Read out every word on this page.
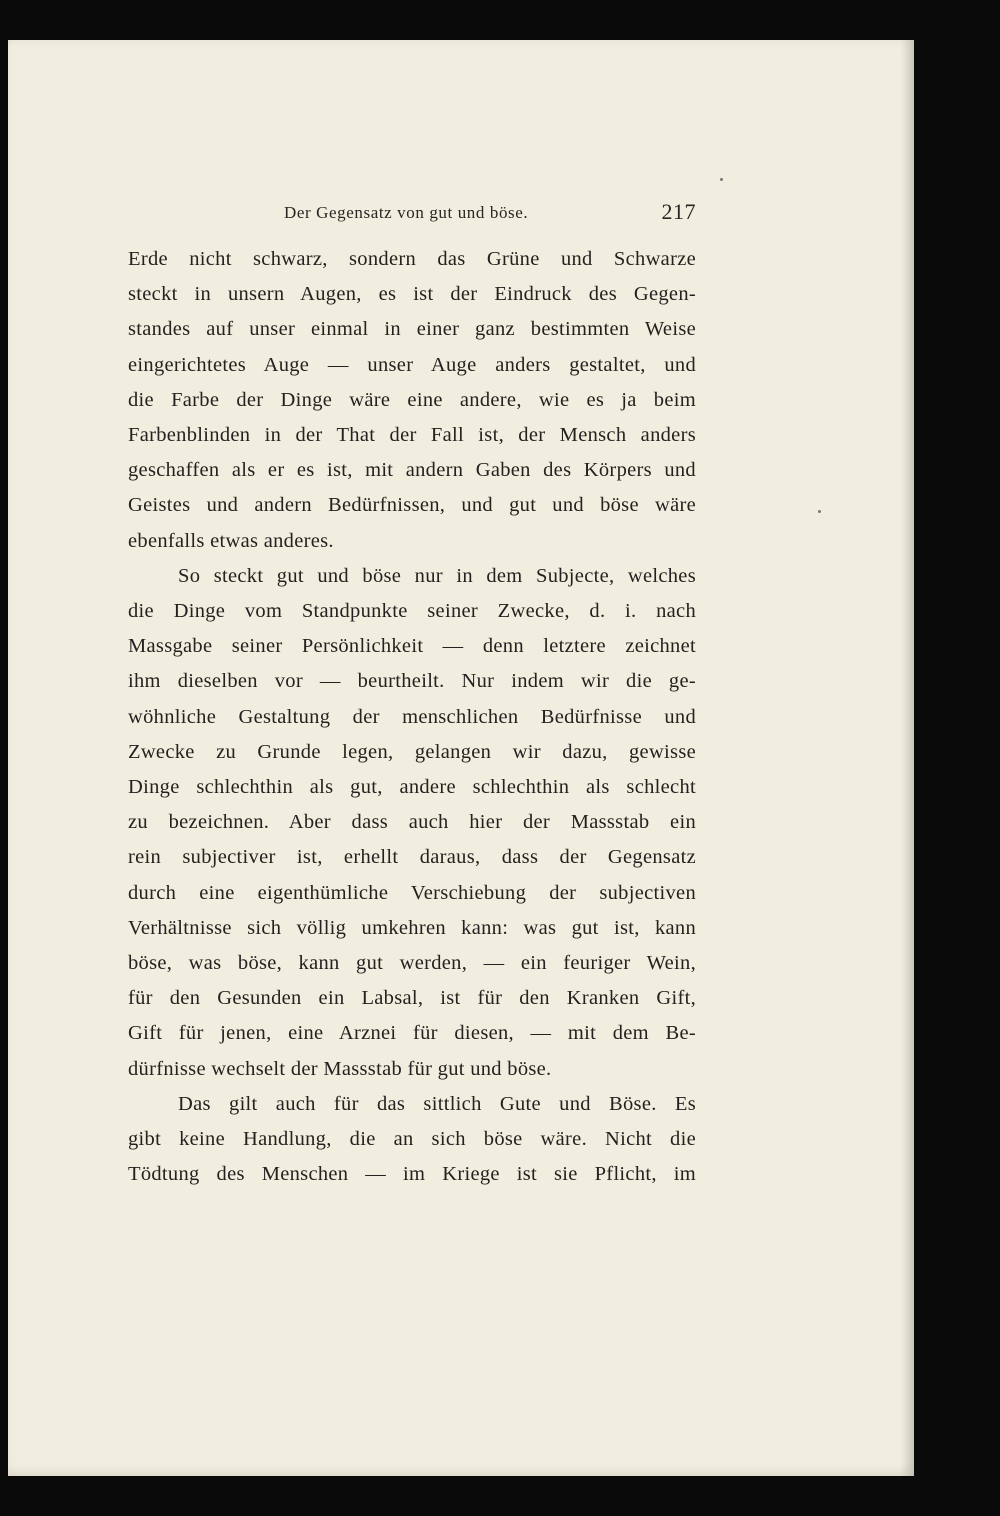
Der Gegensatz von gut und böse.	217

Erde nicht schwarz, sondern das Grüne und Schwarze

steckt in unsern Augen, es ist der Eindruck des Gegen-

standes auf unser einmal in einer ganz bestimmten Weise

eingerichtetes Auge — unser Auge anders gestaltet, und

die Farbe der Dinge wäre eine andere, wie es ja beim

Farbenblinden in der That der Fall ist, der Mensch anders

geschaffen als er es ist, mit andern Gaben des Körpers und

Geistes und andern Bedürfnissen, und gut und böse wäre

ebenfalls etwas anderes.

So steckt gut und böse nur in dem Subjecte, welches

die Dinge vom Standpunkte seiner Zwecke, d. i. nach

Massgabe seiner Persönlichkeit — denn letztere zeichnet

ihm dieselben vor — beurtheilt. Nur indem wir die ge-

wöhnliche Gestaltung der menschlichen Bedürfnisse und

Zwecke zu Grunde legen, gelangen wir dazu, gewisse

Dinge schlechthin als gut, andere schlechthin als schlecht

zu bezeichnen. Aber dass auch hier der Massstab ein

rein subjectiver ist, erhellt daraus, dass der Gegensatz

durch eine eigenthümliche Verschiebung der subjectiven

Verhältnisse sich völlig umkehren kann: was gut ist, kann

böse, was böse, kann gut werden, — ein feuriger Wein,

für den Gesunden ein Labsal, ist für den Kranken Gift,

Gift für jenen, eine Arznei für diesen, — mit dem Be-

dürfnisse wechselt der Massstab für gut und böse.

Das gilt auch für das sittlich Gute und Böse. Es

gibt keine Handlung, die an sich böse wäre. Nicht die

Tödtung des Menschen — im Kriege ist sie Pflicht, im
